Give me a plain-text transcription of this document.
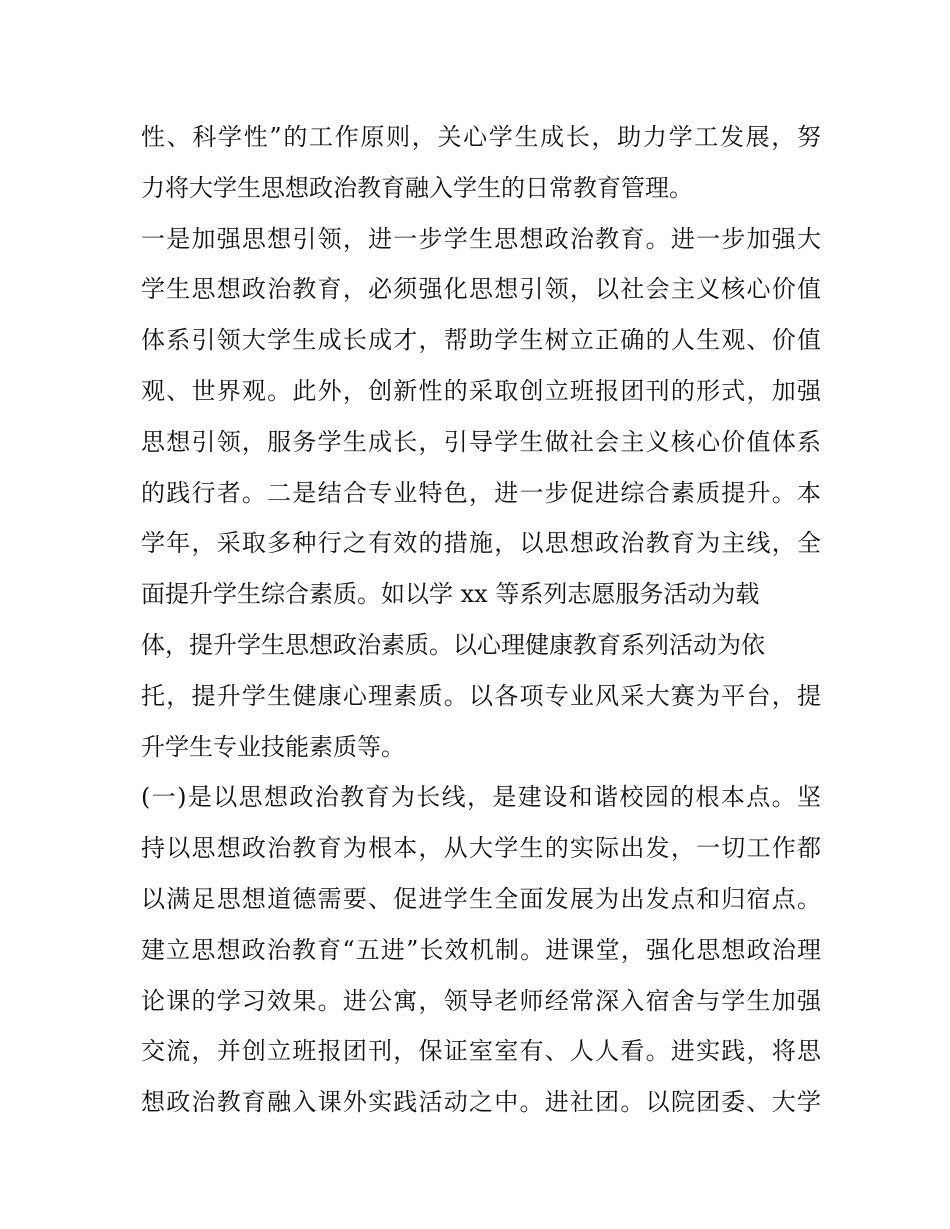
性、科学性”的工作原则，关心学生成长，助力学工发展，努
力将大学生思想政治教育融入学生的日常教育管理。
一是加强思想引领，进一步学生思想政治教育。进一步加强大
学生思想政治教育，必须强化思想引领，以社会主义核心价值
体系引领大学生成长成才，帮助学生树立正确的人生观、价值
观、世界观。此外，创新性的采取创立班报团刊的形式，加强
思想引领，服务学生成长，引导学生做社会主义核心价值体系
的践行者。二是结合专业特色，进一步促进综合素质提升。本
学年，采取多种行之有效的措施，以思想政治教育为主线，全
面提升学生综合素质。如以学 xx 等系列志愿服务活动为载
体，提升学生思想政治素质。以心理健康教育系列活动为依
托，提升学生健康心理素质。以各项专业风采大赛为平台，提
升学生专业技能素质等。
(一)是以思想政治教育为长线，是建设和谐校园的根本点。坚
持以思想政治教育为根本，从大学生的实际出发，一切工作都
以满足思想道德需要、促进学生全面发展为出发点和归宿点。
建立思想政治教育“五进”长效机制。进课堂，强化思想政治理
论课的学习效果。进公寓，领导老师经常深入宿舍与学生加强
交流，并创立班报团刊，保证室室有、人人看。进实践，将思
想政治教育融入课外实践活动之中。进社团。以院团委、大学
